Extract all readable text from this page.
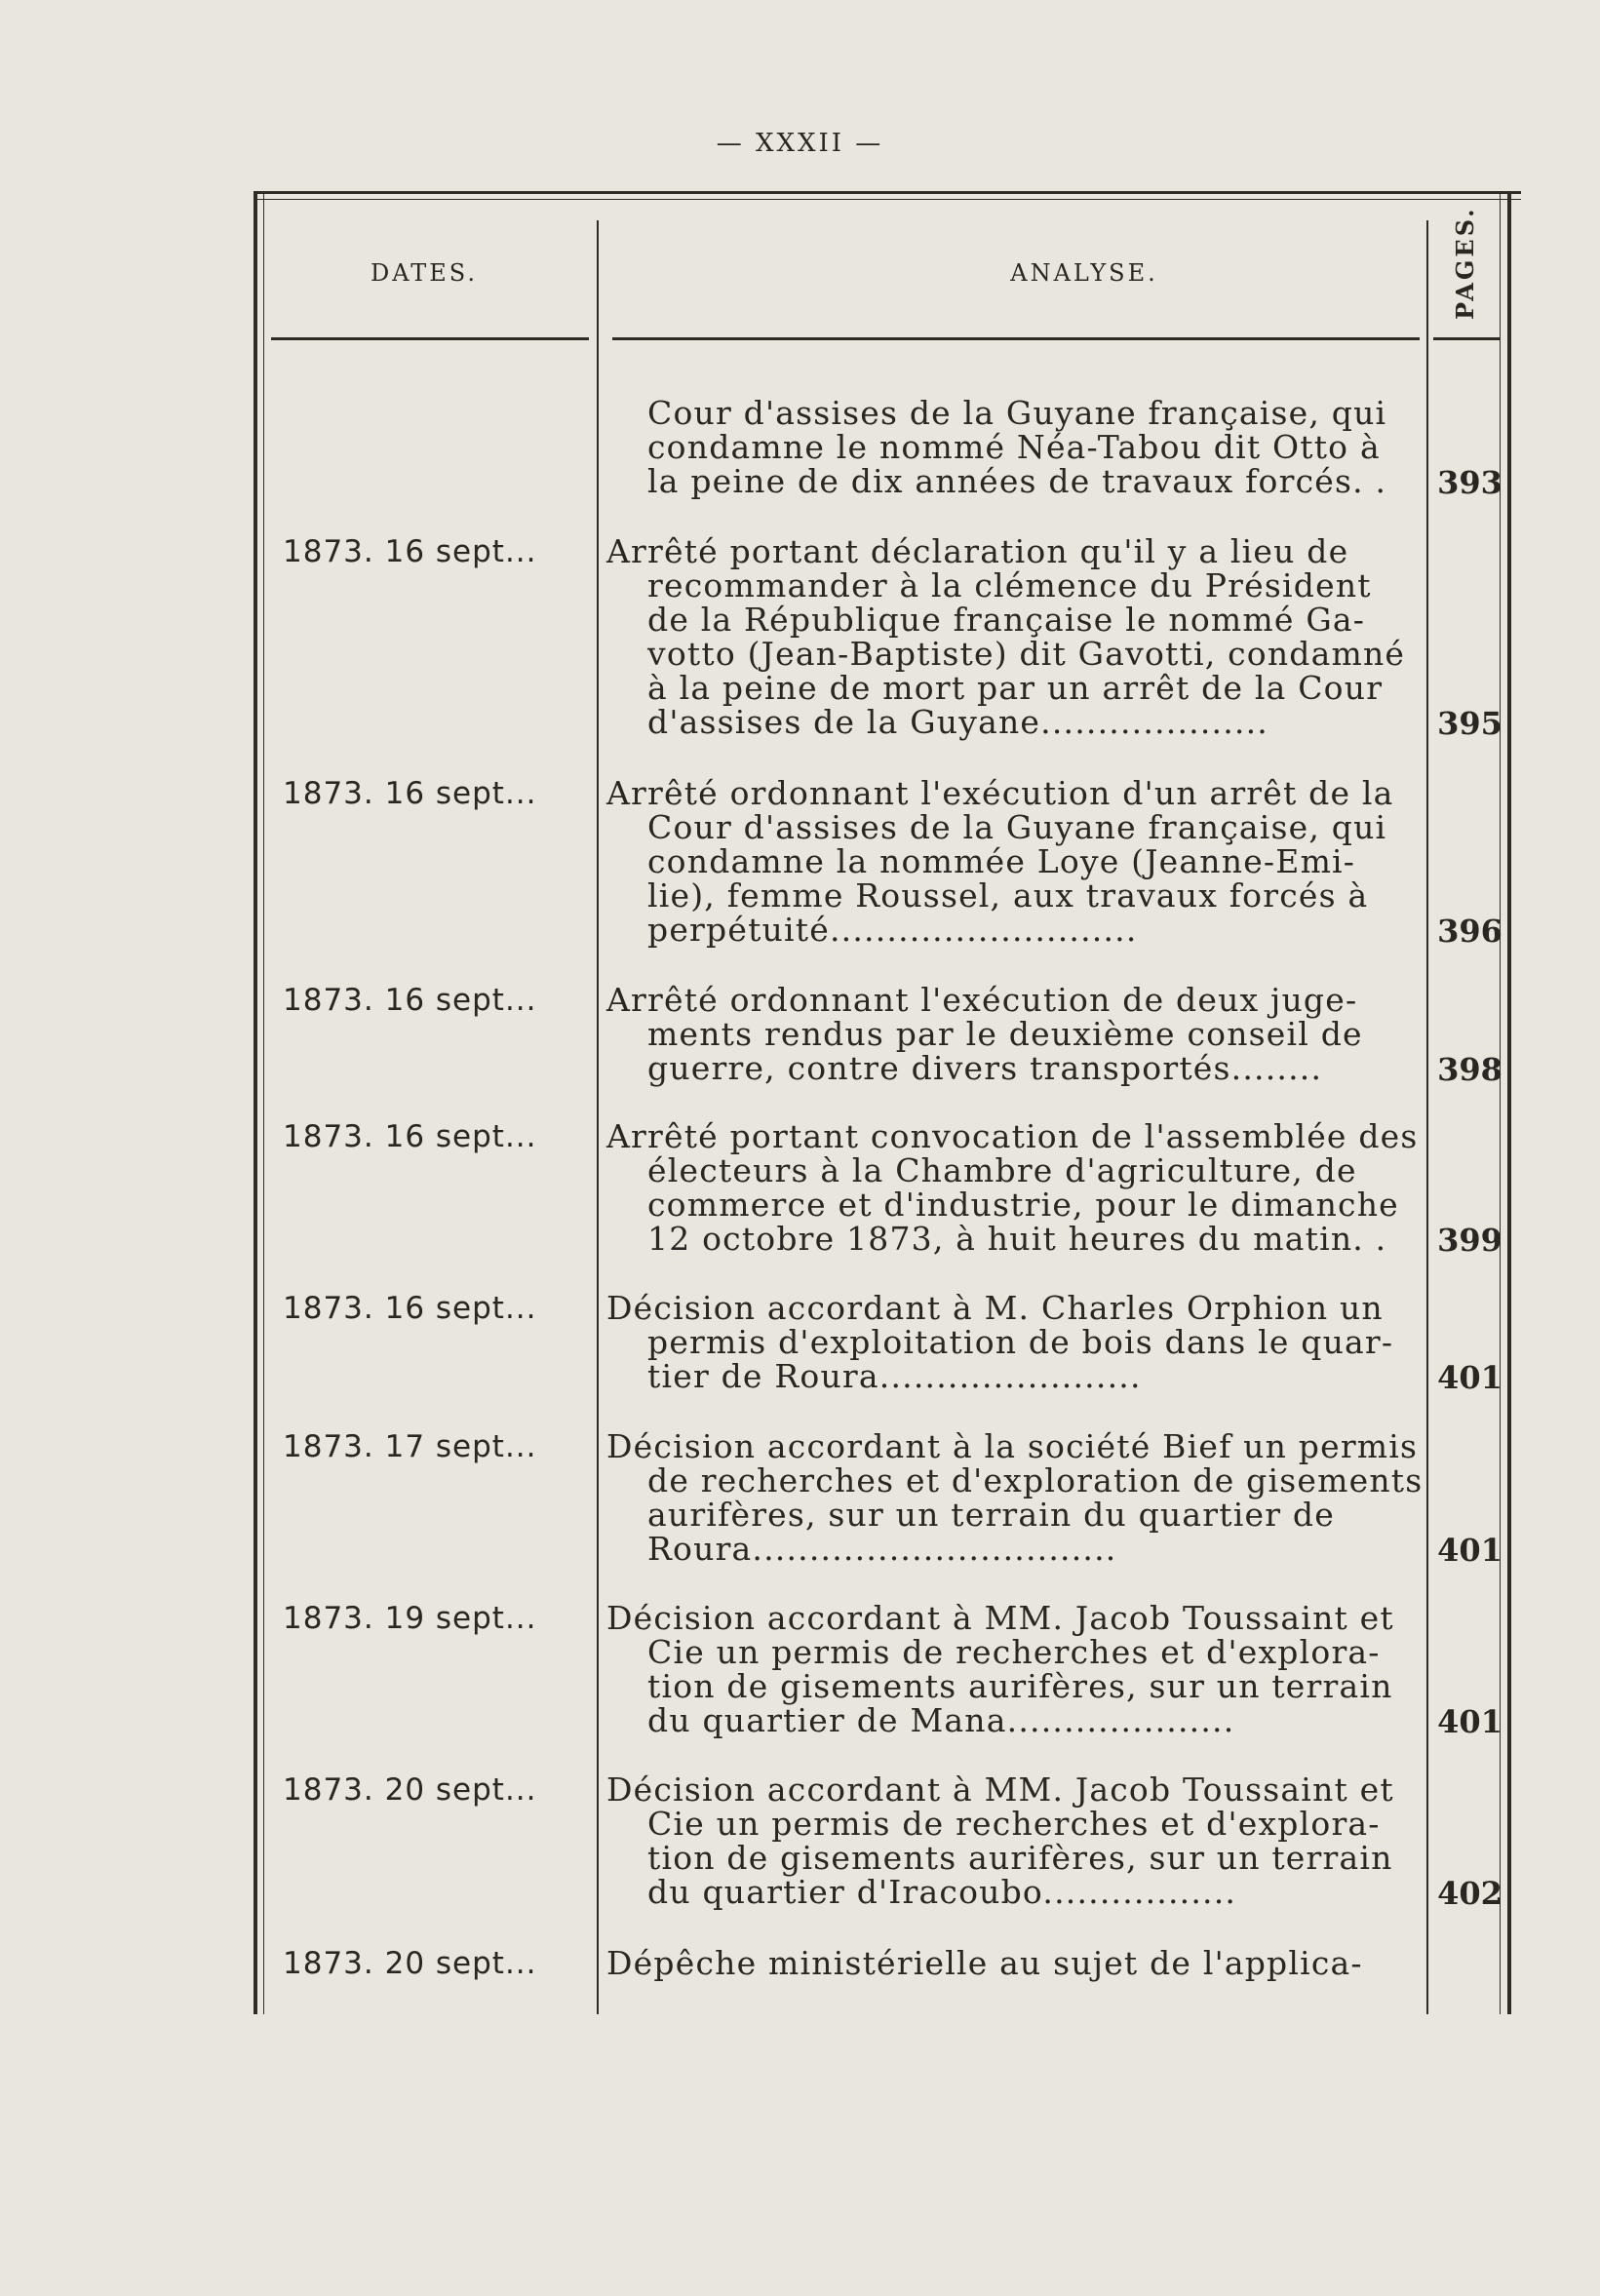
— XXXII —
DATES.	ANALYSE.	PAGES.
Cour d'assises de la Guyane française, qui
condamne le nommé Néa-Tabou dit Otto à
la peine de dix années de travaux forcés. .	393
1873. 16 sept...	Arrêté portant déclaration qu'il y a lieu de
recommander à la clémence du Président
de la République française le nommé Ga-
votto (Jean-Baptiste) dit Gavotti, condamné
à la peine de mort par un arrêt de la Cour
d'assises de la Guyane....................	395
1873. 16 sept...	Arrêté ordonnant l'exécution d'un arrêt de la
Cour d'assises de la Guyane française, qui
condamne la nommée Loye (Jeanne-Emi-
lie), femme Roussel, aux travaux forcés à
perpétuité...........................	396
1873. 16 sept...	Arrêté ordonnant l'exécution de deux juge-
ments rendus par le deuxième conseil de
guerre, contre divers transportés........	398
1873. 16 sept...	Arrêté portant convocation de l'assemblée des
électeurs à la Chambre d'agriculture, de
commerce et d'industrie, pour le dimanche
12 octobre 1873, à huit heures du matin. .	399
1873. 16 sept...	Décision accordant à M. Charles Orphion un
permis d'exploitation de bois dans le quar-
tier de Roura.......................	401
1873. 17 sept...	Décision accordant à la société Bief un permis
de recherches et d'exploration de gisements
aurifères, sur un terrain du quartier de
Roura................................	401
1873. 19 sept...	Décision accordant à MM. Jacob Toussaint et
Cie un permis de recherches et d'explora-
tion de gisements aurifères, sur un terrain
du quartier de Mana....................	401
1873. 20 sept...	Décision accordant à MM. Jacob Toussaint et
Cie un permis de recherches et d'explora-
tion de gisements aurifères, sur un terrain
du quartier d'Iracoubo.................	402
1873. 20 sept...	Dépêche ministérielle au sujet de l'applica-
